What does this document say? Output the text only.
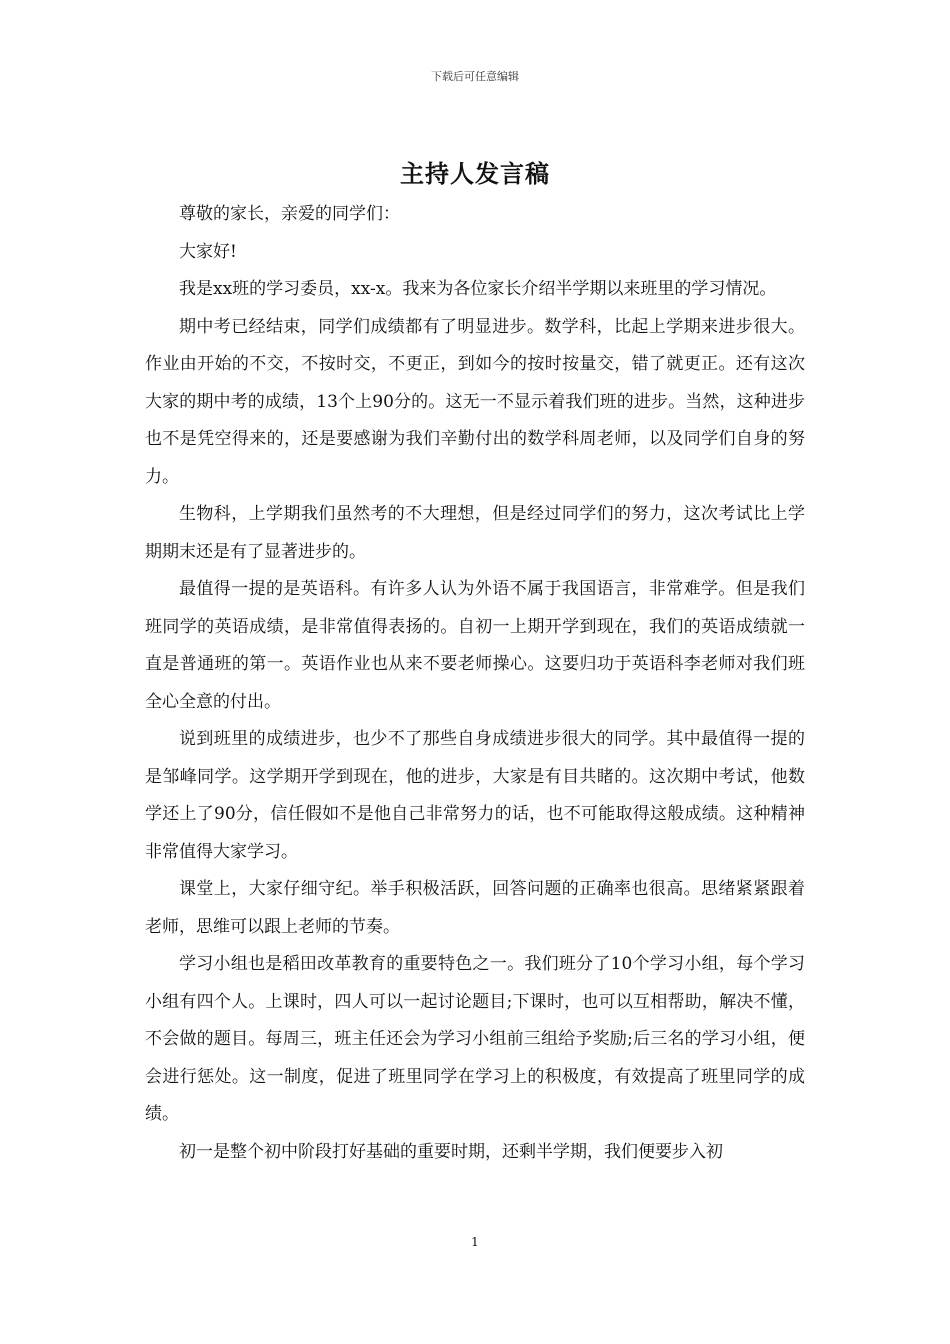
下载后可任意编辑
主持人发言稿

尊敬的家长，亲爱的同学们：

大家好!

我是xx班的学习委员，xx-x。我来为各位家长介绍半学期以来班里的学习情况。

期中考已经结束，同学们成绩都有了明显进步。数学科，比起上学期来进步很大。作业由开始的不交，不按时交，不更正，到如今的按时按量交，错了就更正。还有这次大家的期中考的成绩，13个上90分的。这无一不显示着我们班的进步。当然，这种进步也不是凭空得来的，还是要感谢为我们辛勤付出的数学科周老师，以及同学们自身的努力。

生物科，上学期我们虽然考的不大理想，但是经过同学们的努力，这次考试比上学期期末还是有了显著进步的。

最值得一提的是英语科。有许多人认为外语不属于我国语言，非常难学。但是我们班同学的英语成绩，是非常值得表扬的。自初一上期开学到现在，我们的英语成绩就一直是普通班的第一。英语作业也从来不要老师操心。这要归功于英语科李老师对我们班全心全意的付出。

说到班里的成绩进步，也少不了那些自身成绩进步很大的同学。其中最值得一提的是邹峰同学。这学期开学到现在，他的进步，大家是有目共睹的。这次期中考试，他数学还上了90分，信任假如不是他自己非常努力的话，也不可能取得这般成绩。这种精神非常值得大家学习。

课堂上，大家仔细守纪。举手积极活跃，回答问题的正确率也很高。思绪紧紧跟着老师，思维可以跟上老师的节奏。

学习小组也是稻田改革教育的重要特色之一。我们班分了10个学习小组，每个学习小组有四个人。上课时，四人可以一起讨论题目;下课时，也可以互相帮助，解决不懂，不会做的题目。每周三，班主任还会为学习小组前三组给予奖励;后三名的学习小组，便会进行惩处。这一制度，促进了班里同学在学习上的积极度，有效提高了班里同学的成绩。

初一是整个初中阶段打好基础的重要时期，还剩半学期，我们便要步入初

1
